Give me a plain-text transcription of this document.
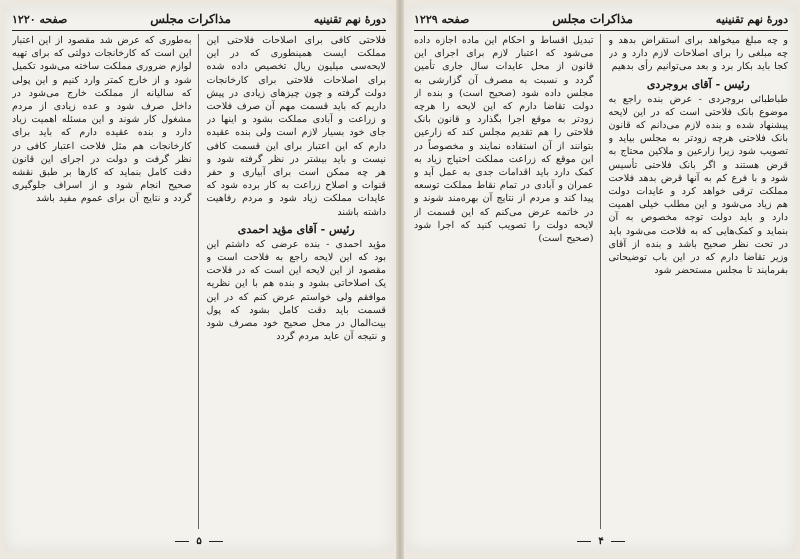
دورهٔ نهم تقنینیه
مذاکرات مجلس
صفحه ۱۲۲۰

فلاحتی کافی برای اصلاحات فلاحتی این مملکت ایست همینطوری که در این لایحه‌سی میلیون ریال تخصیص داده شده برای اصلاحات فلاحتی برای کارخانجات دولت گرفته و چون چیزهای زیادی در پیش داریم که باید قسمت مهم آن صرف فلاحت و زراعت و آبادی مملکت بشود و اینها در جای خود بسیار لازم است ولی بنده عقیده دارم که این اعتبار برای این قسمت کافی نیست و باید بیشتر در نظر گرفته شود و هر چه ممکن است برای آبیاری و حفر قنوات و اصلاح زراعت به کار برده شود که عایدات مملکت زیاد شود و مردم رفاهیت داشته باشند

رئیس - آقای مؤید احمدی

مؤید احمدی - بنده عرضی که داشتم این بود که این لایحه راجع به فلاحت است و مقصود از این لایحه این است که در فلاحت یک اصلاحاتی بشود و بنده هم با این نظریه موافقم ولی خواستم عرض کنم که در این قسمت باید دقت کامل بشود که پول بیت‌المال در محل صحیح خود مصرف شود و نتیجه آن عاید مردم گردد

به‌طوری که عرض شد مقصود از این اعتبار این است که کارخانجات دولتی که برای تهیه لوازم ضروری مملکت ساخته می‌شود تکمیل شود و از خارج کمتر وارد کنیم و این پولی که سالیانه از مملکت خارج می‌شود در داخل صرف شود و عده زیادی از مردم مشغول کار شوند و این مسئله اهمیت زیاد دارد و بنده عقیده دارم که باید برای کارخانجات هم مثل فلاحت اعتبار کافی در نظر گرفت و دولت در اجرای این قانون دقت کامل بنماید که کارها بر طبق نقشه صحیح انجام شود و از اسراف جلوگیری گردد و نتایج آن برای عموم مفید باشد

۵
دورهٔ نهم تقنینیه
مذاکرات مجلس
صفحه ۱۲۲۹

و چه مبلغ میخواهد برای استقراض بدهد و چه مبلغی را برای اصلاحات لازم دارد و در کجا باید بکار برد و بعد می‌توانیم رأی بدهیم

رئیس - آقای بروجردی

طباطبائی بروجردی - عرض بنده راجع به موضوع بانک فلاحتی است که در این لایحه پیشنهاد شده و بنده لازم می‌دانم که قانون بانک فلاحتی هرچه زودتر به مجلس بیاید و تصویب شود زیرا زارعین و ملاکین محتاج به قرض هستند و اگر بانک فلاحتی تأسیس شود و با فرع کم به آنها قرض بدهد فلاحت مملکت ترقی خواهد کرد و عایدات دولت هم زیاد می‌شود و این مطلب خیلی اهمیت دارد و باید دولت توجه مخصوص به آن بنماید و کمک‌هایی که به فلاحت می‌شود باید در تحت نظر صحیح باشد و بنده از آقای وزیر تقاضا دارم که در این باب توضیحاتی بفرمایند تا مجلس مستحضر شود

تبدیل اقساط و احکام این ماده اجازه داده می‌شود که اعتبار لازم برای اجرای این قانون از محل عایدات سال جاری تأمین گردد و نسبت به مصرف آن گزارشی به مجلس داده شود (صحیح است) و بنده از دولت تقاضا دارم که این لایحه را هرچه زودتر به موقع اجرا بگذارد و قانون بانک فلاحتی را هم تقدیم مجلس کند که زارعین بتوانند از آن استفاده نمایند و مخصوصاً در این موقع که زراعت مملکت احتیاج زیاد به کمک دارد باید اقدامات جدی به عمل آید و عمران و آبادی در تمام نقاط مملکت توسعه پیدا کند و مردم از نتایج آن بهره‌مند شوند و در خاتمه عرض می‌کنم که این قسمت از لایحه دولت را تصویب کنید که اجرا شود (صحیح است)

۴
